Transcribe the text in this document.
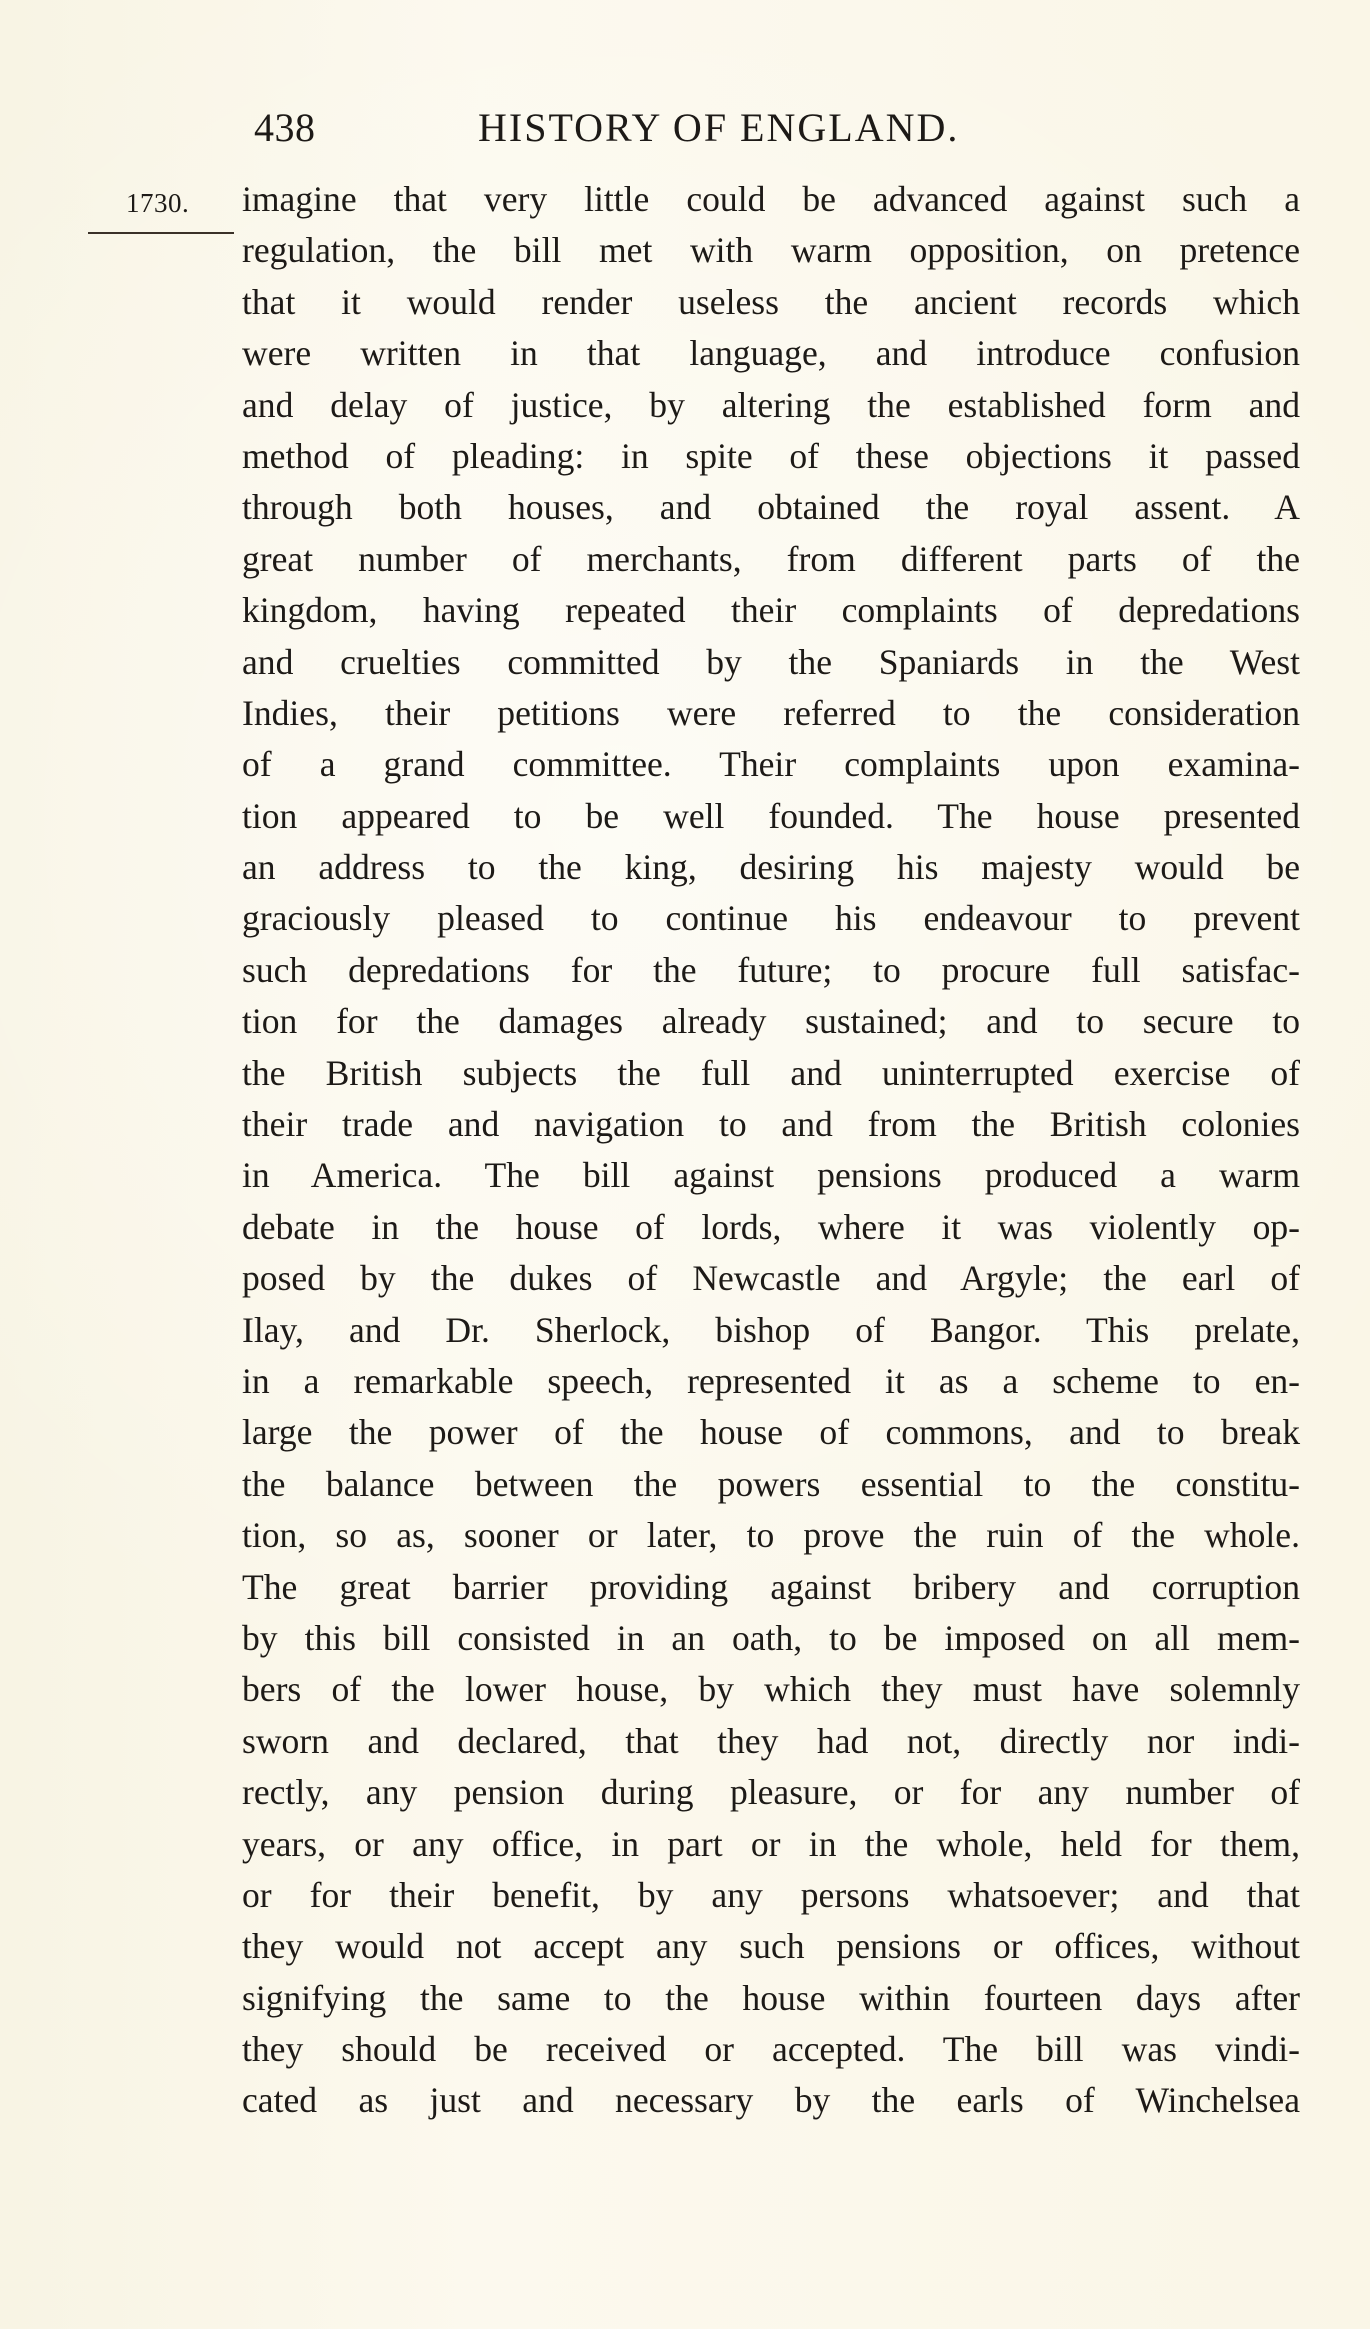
438	HISTORY OF ENGLAND.
1730. imagine that very little could be advanced against such a
regulation, the bill met with warm opposition, on pretence
that it would render useless the ancient records which
were written in that language, and introduce confusion
and delay of justice, by altering the established form and
method of pleading: in spite of these objections it passed
through both houses, and obtained the royal assent. A
great number of merchants, from different parts of the
kingdom, having repeated their complaints of depredations
and cruelties committed by the Spaniards in the West
Indies, their petitions were referred to the consideration
of a grand committee. Their complaints upon examina-
tion appeared to be well founded. The house presented
an address to the king, desiring his majesty would be
graciously pleased to continue his endeavour to prevent
such depredations for the future; to procure full satisfac-
tion for the damages already sustained; and to secure to
the British subjects the full and uninterrupted exercise of
their trade and navigation to and from the British colonies
in America. The bill against pensions produced a warm
debate in the house of lords, where it was violently op-
posed by the dukes of Newcastle and Argyle; the earl of
Ilay, and Dr. Sherlock, bishop of Bangor. This prelate,
in a remarkable speech, represented it as a scheme to en-
large the power of the house of commons, and to break
the balance between the powers essential to the constitu-
tion, so as, sooner or later, to prove the ruin of the whole.
The great barrier providing against bribery and corruption
by this bill consisted in an oath, to be imposed on all mem-
bers of the lower house, by which they must have solemnly
sworn and declared, that they had not, directly nor indi-
rectly, any pension during pleasure, or for any number of
years, or any office, in part or in the whole, held for them,
or for their benefit, by any persons whatsoever; and that
they would not accept any such pensions or offices, without
signifying the same to the house within fourteen days after
they should be received or accepted. The bill was vindi-
cated as just and necessary by the earls of Winchelsea
